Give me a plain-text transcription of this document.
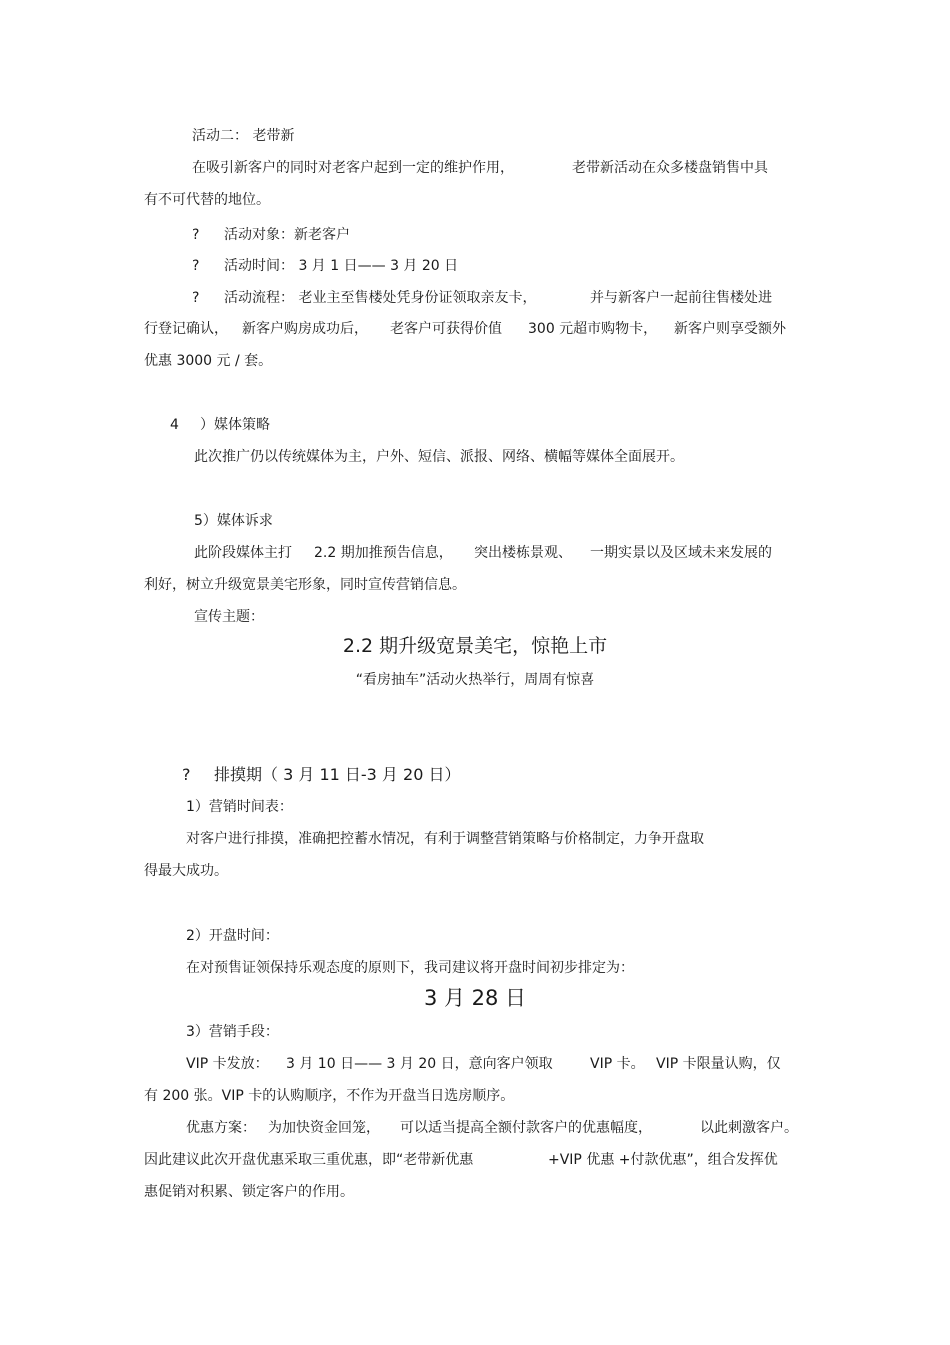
活动二： 老带新
在吸引新客户的同时对老客户起到一定的维护作用，	老带新活动在众多楼盘销售中具
有不可代替的地位。
? 活动对象：新老客户
? 活动时间： 3 月 1 日—— 3 月 20 日
? 活动流程： 老业主至售楼处凭身份证领取亲友卡，	并与新客户一起前往售楼处进
行登记确认， 新客户购房成功后， 老客户可获得价值 300 元超市购物卡， 新客户则享受额外
优惠 3000 元 / 套。
4 ）媒体策略
此次推广仍以传统媒体为主，户外、短信、派报、网络、横幅等媒体全面展开。
5）媒体诉求
此阶段媒体主打 2.2 期加推预告信息， 突出楼栋景观、 一期实景以及区域未来发展的
利好，树立升级宽景美宅形象，同时宣传营销信息。
宣传主题：
2.2 期升级宽景美宅，惊艳上市
“看房抽车”活动火热举行，周周有惊喜
? 排摸期（ 3 月 11 日-3 月 20 日）
1）营销时间表：
对客户进行排摸，准确把控蓄水情况，有利于调整营销策略与价格制定，力争开盘取
得最大成功。
2）开盘时间：
在对预售证领保持乐观态度的原则下，我司建议将开盘时间初步排定为：
3 月 28 日
3）营销手段：
VIP 卡发放： 3 月 10 日—— 3 月 20 日，意向客户领取	VIP 卡。 VIP 卡限量认购，仅
有 200 张。VIP 卡的认购顺序，不作为开盘当日选房顺序。
优惠方案： 为加快资金回笼， 可以适当提高全额付款客户的优惠幅度，	以此刺激客户。
因此建议此次开盘优惠采取三重优惠，即“老带新优惠	+VIP 优惠 +付款优惠”，组合发挥优
惠促销对积累、锁定客户的作用。
